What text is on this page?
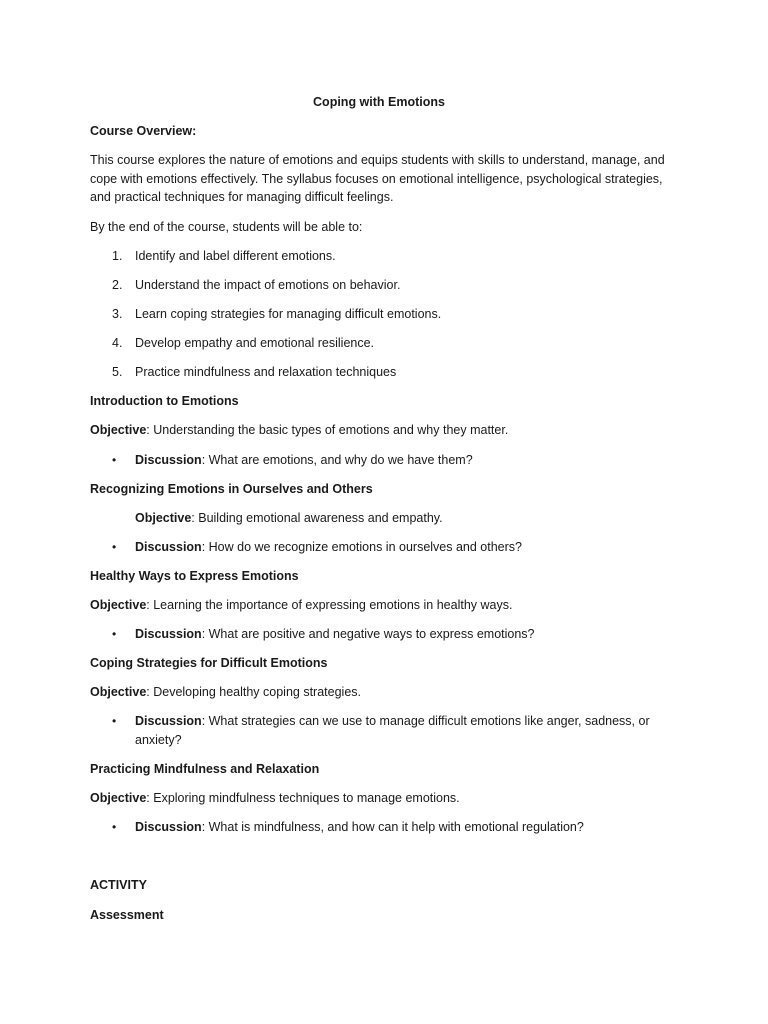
Coping with Emotions
Course Overview:
This course explores the nature of emotions and equips students with skills to understand, manage, and
cope with emotions effectively. The syllabus focuses on emotional intelligence, psychological strategies,
and practical techniques for managing difficult feelings.
By the end of the course, students will be able to:
1. Identify and label different emotions.
2. Understand the impact of emotions on behavior.
3. Learn coping strategies for managing difficult emotions.
4. Develop empathy and emotional resilience.
5. Practice mindfulness and relaxation techniques
Introduction to Emotions
Objective: Understanding the basic types of emotions and why they matter.
•	Discussion: What are emotions, and why do we have them?
Recognizing Emotions in Ourselves and Others
Objective: Building emotional awareness and empathy.
•	Discussion: How do we recognize emotions in ourselves and others?
Healthy Ways to Express Emotions
Objective: Learning the importance of expressing emotions in healthy ways.
•	Discussion: What are positive and negative ways to express emotions?
Coping Strategies for Difficult Emotions
Objective: Developing healthy coping strategies.
•	Discussion: What strategies can we use to manage difficult emotions like anger, sadness, or
anxiety?
Practicing Mindfulness and Relaxation
Objective: Exploring mindfulness techniques to manage emotions.
•	Discussion: What is mindfulness, and how can it help with emotional regulation?
ACTIVITY
Assessment
